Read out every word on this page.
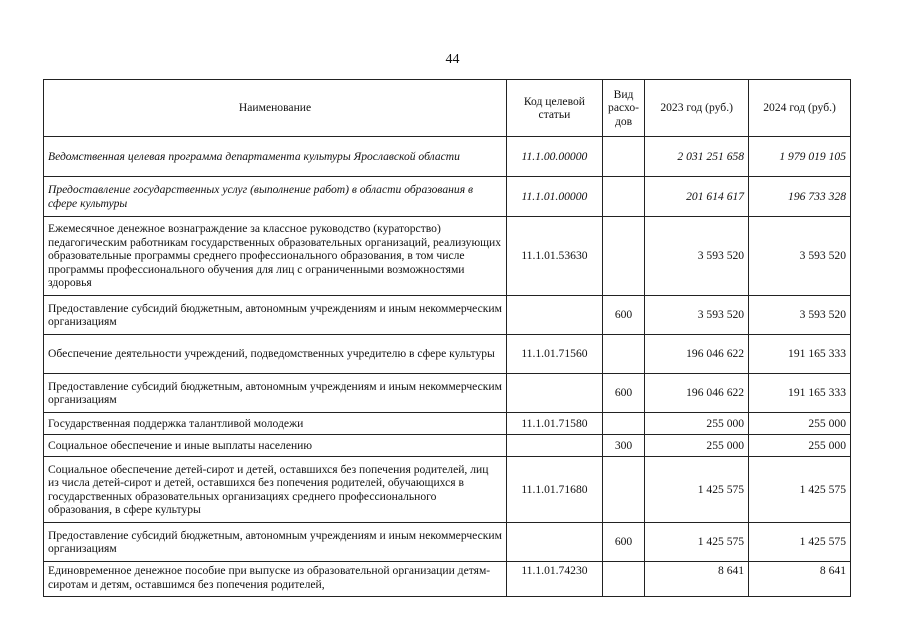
44
Наименование	Код целевой статьи	Вид расхо-дов	2023 год (руб.)	2024 год (руб.)
Ведомственная целевая программа департамента культуры Ярославской области	11.1.00.00000		2 031 251 658	1 979 019 105
Предоставление государственных услуг (выполнение работ) в области образования в сфере культуры	11.1.01.00000		201 614 617	196 733 328
Ежемесячное денежное вознаграждение за классное руководство (кураторство) педагогическим работникам государственных образовательных организаций, реализующих образовательные программы среднего профессионального образования, в том числе программы профессионального обучения для лиц с ограниченными возможностями здоровья	11.1.01.53630		3 593 520	3 593 520
Предоставление субсидий бюджетным, автономным учреждениям и иным некоммерческим организациям		600	3 593 520	3 593 520
Обеспечение деятельности учреждений, подведомственных учредителю в сфере культуры	11.1.01.71560		196 046 622	191 165 333
Предоставление субсидий бюджетным, автономным учреждениям и иным некоммерческим организациям		600	196 046 622	191 165 333
Государственная поддержка талантливой молодежи	11.1.01.71580		255 000	255 000
Социальное обеспечение и иные выплаты населению		300	255 000	255 000
Социальное обеспечение детей-сирот и детей, оставшихся без попечения родителей, лиц из числа детей-сирот и детей, оставшихся без попечения родителей, обучающихся в государственных образовательных организациях среднего профессионального образования, в сфере культуры	11.1.01.71680		1 425 575	1 425 575
Предоставление субсидий бюджетным, автономным учреждениям и иным некоммерческим организациям		600	1 425 575	1 425 575
Единовременное денежное пособие при выпуске из образовательной организации детям-сиротам и детям, оставшимся без попечения родителей,	11.1.01.74230		8 641	8 641
